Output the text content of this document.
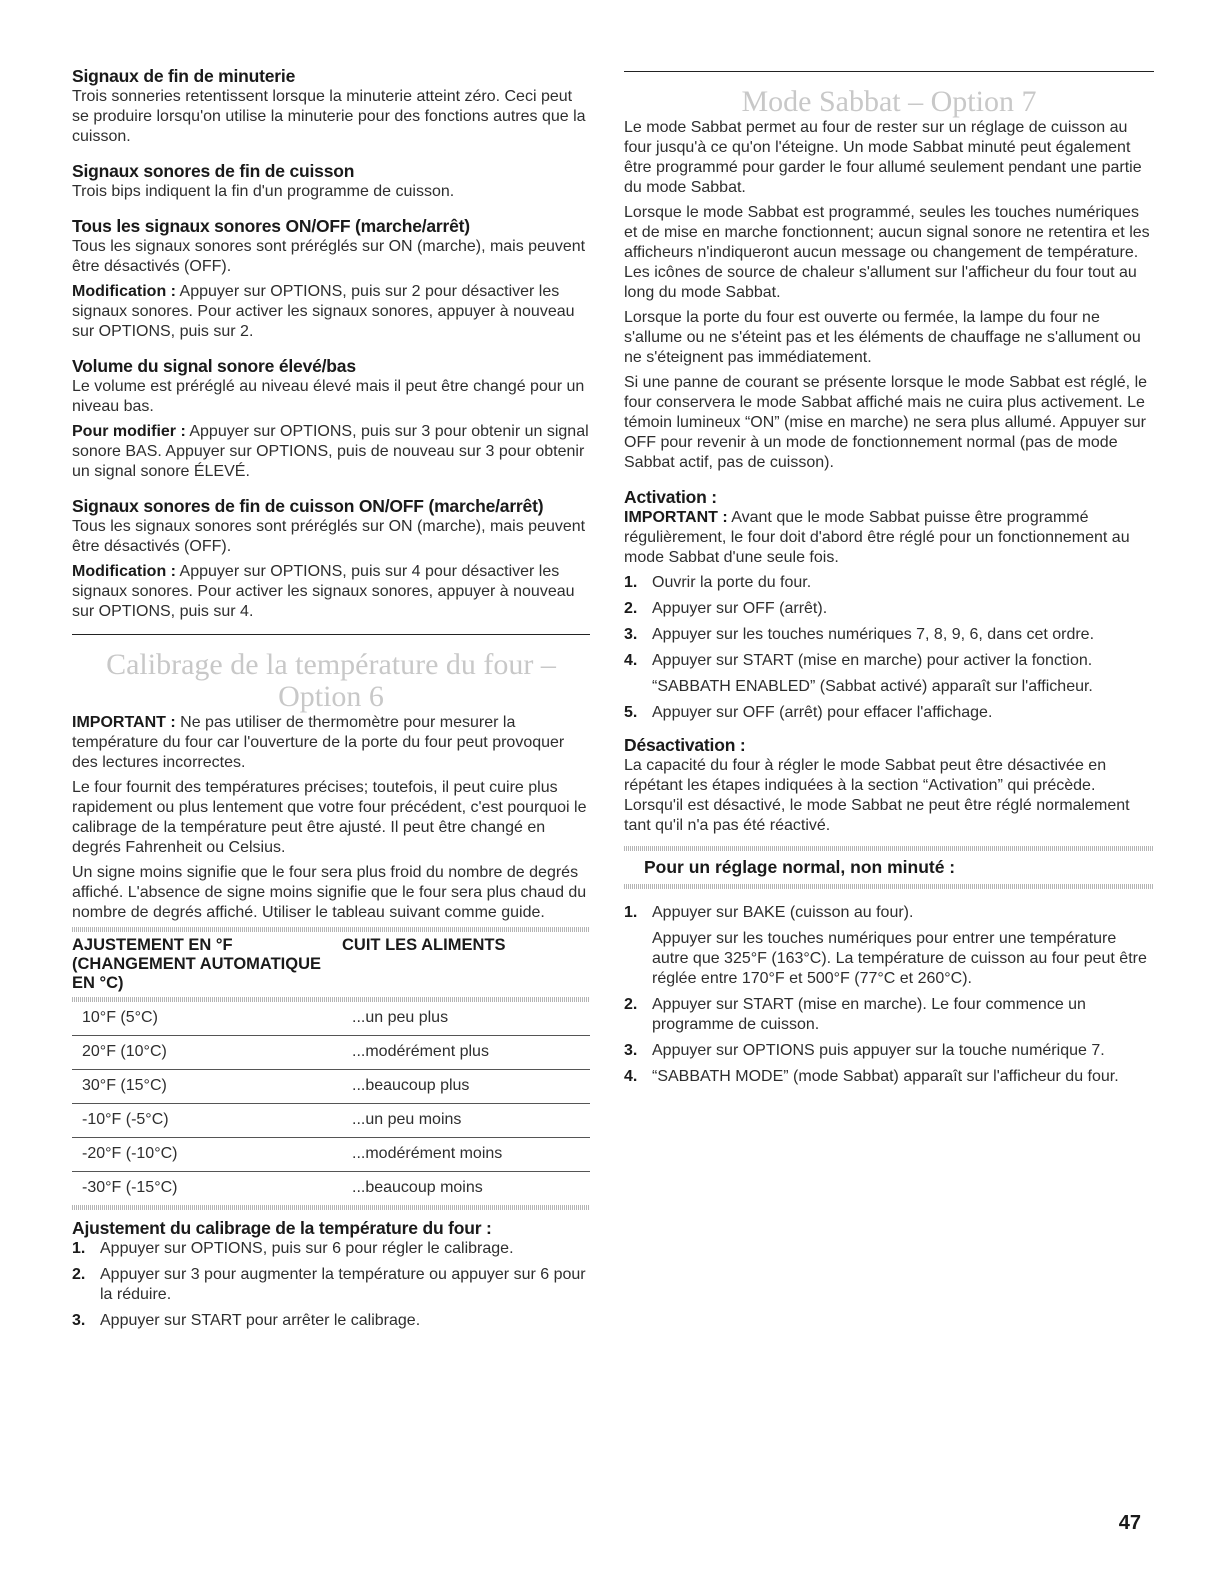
Signaux de fin de minuterie

Trois sonneries retentissent lorsque la minuterie atteint zéro. Ceci peut se produire lorsqu'on utilise la minuterie pour des fonctions autres que la cuisson.

Signaux sonores de fin de cuisson

Trois bips indiquent la fin d'un programme de cuisson.

Tous les signaux sonores ON/OFF (marche/arrêt)

Tous les signaux sonores sont préréglés sur ON (marche), mais peuvent être désactivés (OFF).

Modification : Appuyer sur OPTIONS, puis sur 2 pour désactiver les signaux sonores. Pour activer les signaux sonores, appuyer à nouveau sur OPTIONS, puis sur 2.

Volume du signal sonore élevé/bas

Le volume est préréglé au niveau élevé mais il peut être changé pour un niveau bas.

Pour modifier : Appuyer sur OPTIONS, puis sur 3 pour obtenir un signal sonore BAS. Appuyer sur OPTIONS, puis de nouveau sur 3 pour obtenir un signal sonore ÉLEVÉ.

Signaux sonores de fin de cuisson ON/OFF (marche/arrêt)

Tous les signaux sonores sont préréglés sur ON (marche), mais peuvent être désactivés (OFF).

Modification : Appuyer sur OPTIONS, puis sur 4 pour désactiver les signaux sonores. Pour activer les signaux sonores, appuyer à nouveau sur OPTIONS, puis sur 4.

Calibrage de la température du four –
Option 6

IMPORTANT : Ne pas utiliser de thermomètre pour mesurer la température du four car l'ouverture de la porte du four peut provoquer des lectures incorrectes.

Le four fournit des températures précises; toutefois, il peut cuire plus rapidement ou plus lentement que votre four précédent, c'est pourquoi le calibrage de la température peut être ajusté. Il peut être changé en degrés Fahrenheit ou Celsius.

Un signe moins signifie que le four sera plus froid du nombre de degrés affiché. L'absence de signe moins signifie que le four sera plus chaud du nombre de degrés affiché. Utiliser le tableau suivant comme guide.

AJUSTEMENT EN °F (CHANGEMENT AUTOMATIQUE EN °C)	CUIT LES ALIMENTS

10°F (5°C)	...un peu plus
20°F (10°C)	...modérément plus
30°F (15°C)	...beaucoup plus
-10°F (-5°C)	...un peu moins
-20°F (-10°C)	...modérément moins
-30°F (-15°C)	...beaucoup moins
Ajustement du calibrage de la température du four :
1. Appuyer sur OPTIONS, puis sur 6 pour régler le calibrage.
2. Appuyer sur 3 pour augmenter la température ou appuyer sur 6 pour la réduire.
3. Appuyer sur START pour arrêter le calibrage.
Mode Sabbat – Option 7

Le mode Sabbat permet au four de rester sur un réglage de cuisson au four jusqu'à ce qu'on l'éteigne. Un mode Sabbat minuté peut également être programmé pour garder le four allumé seulement pendant une partie du mode Sabbat.

Lorsque le mode Sabbat est programmé, seules les touches numériques et de mise en marche fonctionnent; aucun signal sonore ne retentira et les afficheurs n'indiqueront aucun message ou changement de température. Les icônes de source de chaleur s'allument sur l'afficheur du four tout au long du mode Sabbat.

Lorsque la porte du four est ouverte ou fermée, la lampe du four ne s'allume ou ne s'éteint pas et les éléments de chauffage ne s'allument ou ne s'éteignent pas immédiatement.

Si une panne de courant se présente lorsque le mode Sabbat est réglé, le four conservera le mode Sabbat affiché mais ne cuira plus activement. Le témoin lumineux “ON” (mise en marche) ne sera plus allumé. Appuyer sur OFF pour revenir à un mode de fonctionnement normal (pas de mode Sabbat actif, pas de cuisson).

Activation :

IMPORTANT : Avant que le mode Sabbat puisse être programmé régulièrement, le four doit d'abord être réglé pour un fonctionnement au mode Sabbat d'une seule fois.

1. Ouvrir la porte du four.
2. Appuyer sur OFF (arrêt).
3. Appuyer sur les touches numériques 7, 8, 9, 6, dans cet ordre.
4. Appuyer sur START (mise en marche) pour activer la fonction.
“SABBATH ENABLED” (Sabbat activé) apparaît sur l'afficheur.
5. Appuyer sur OFF (arrêt) pour effacer l'affichage.
Désactivation :

La capacité du four à régler le mode Sabbat peut être désactivée en répétant les étapes indiquées à la section “Activation” qui précède. Lorsqu'il est désactivé, le mode Sabbat ne peut être réglé normalement tant qu'il n'a pas été réactivé.

Pour un réglage normal, non minuté :
1. Appuyer sur BAKE (cuisson au four).
Appuyer sur les touches numériques pour entrer une température autre que 325°F (163°C). La température de cuisson au four peut être réglée entre 170°F et 500°F (77°C et 260°C).
2. Appuyer sur START (mise en marche). Le four commence un programme de cuisson.
3. Appuyer sur OPTIONS puis appuyer sur la touche numérique 7.
4. “SABBATH MODE” (mode Sabbat) apparaît sur l'afficheur du four.
47
